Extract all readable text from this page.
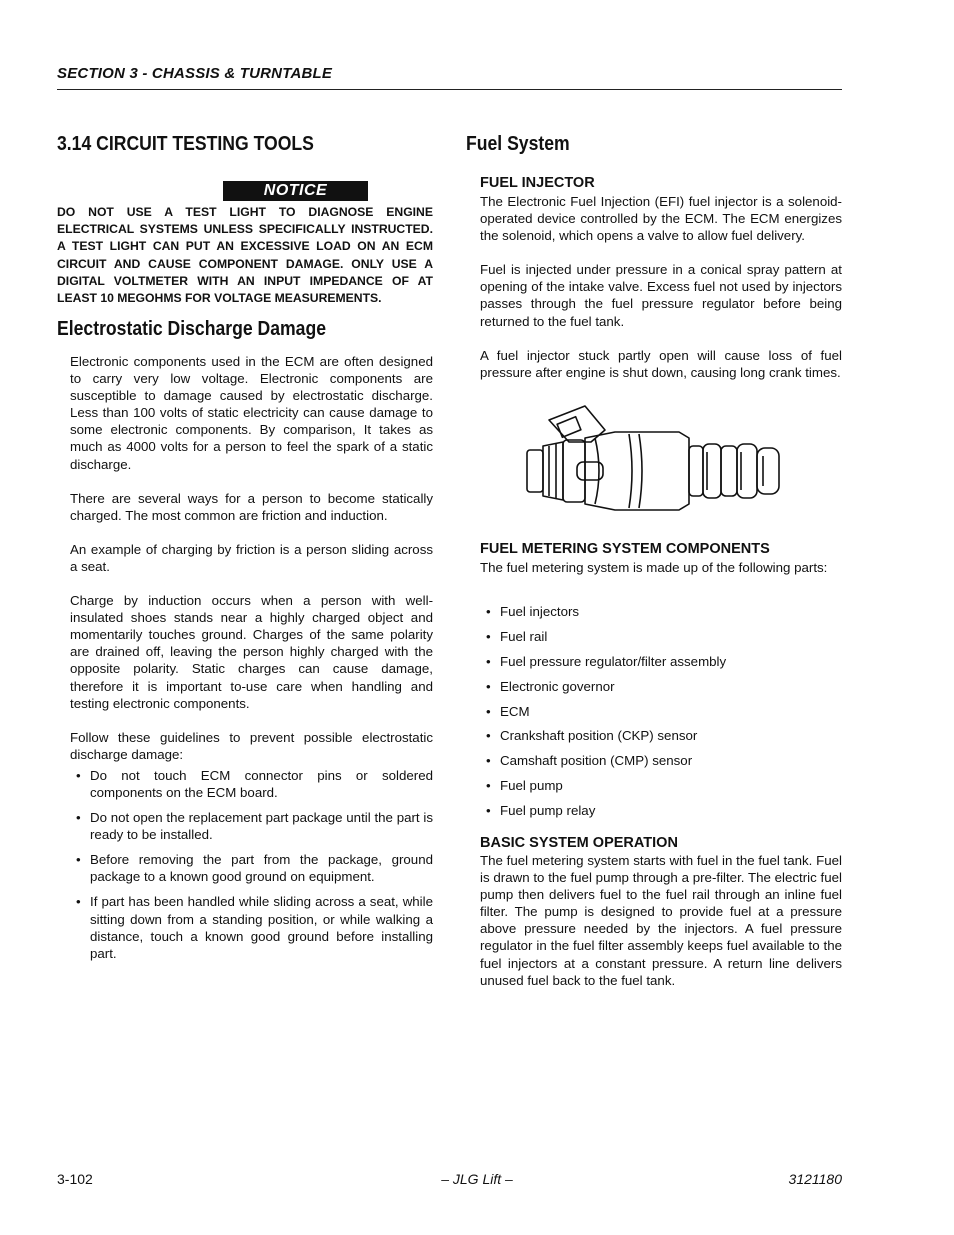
SECTION 3 - CHASSIS & TURNTABLE
3.14 CIRCUIT TESTING TOOLS
NOTICE
DO NOT USE A TEST LIGHT TO DIAGNOSE ENGINE ELECTRICAL SYSTEMS UNLESS SPECIFICALLY INSTRUCTED. A TEST LIGHT CAN PUT AN EXCESSIVE LOAD ON AN ECM CIRCUIT AND CAUSE COMPONENT DAMAGE. ONLY USE A DIGITAL VOLTMETER WITH AN INPUT IMPEDANCE OF AT LEAST 10 MEGOHMS FOR VOLTAGE MEASUREMENTS.
Electrostatic Discharge Damage

Electronic components used in the ECM are often designed to carry very low voltage. Electronic components are susceptible to damage caused by electrostatic discharge. Less than 100 volts of static electricity can cause damage to some electronic components. By comparison, It takes as much as 4000 volts for a person to feel the spark of a static discharge.

There are several ways for a person to become statically charged. The most common are friction and induction.

An example of charging by friction is a person sliding across a seat.

Charge by induction occurs when a person with well-insulated shoes stands near a highly charged object and momentarily touches ground. Charges of the same polarity are drained off, leaving the person highly charged with the opposite polarity. Static charges can cause damage, therefore it is important to-use care when handling and testing electronic components.

Follow these guidelines to prevent possible electrostatic discharge damage:

• Do not touch ECM connector pins or soldered components on the ECM board.
• Do not open the replacement part package until the part is ready to be installed.
• Before removing the part from the package, ground package to a known good ground on equipment.
• If part has been handled while sliding across a seat, while sitting down from a standing position, or while walking a distance, touch a known good ground before installing part.
Fuel System
FUEL INJECTOR

The Electronic Fuel Injection (EFI) fuel injector is a solenoid-operated device controlled by the ECM. The ECM energizes the solenoid, which opens a valve to allow fuel delivery.

Fuel is injected under pressure in a conical spray pattern at opening of the intake valve. Excess fuel not used by injectors passes through the fuel pressure regulator before being returned to the fuel tank.

A fuel injector stuck partly open will cause loss of fuel pressure after engine is shut down, causing long crank times.

FUEL METERING SYSTEM COMPONENTS
The fuel metering system is made up of the following parts:
• Fuel injectors
• Fuel rail
• Fuel pressure regulator/filter assembly
• Electronic governor
• ECM
• Crankshaft position (CKP) sensor
• Camshaft position (CMP) sensor
• Fuel pump
• Fuel pump relay
BASIC SYSTEM OPERATION
The fuel metering system starts with fuel in the fuel tank. Fuel is drawn to the fuel pump through a pre-filter. The electric fuel pump then delivers fuel to the fuel rail through an inline fuel filter. The pump is designed to provide fuel at a pressure above pressure needed by the injectors. A fuel pressure regulator in the fuel filter assembly keeps fuel available to the fuel injectors at a constant pressure. A return line delivers unused fuel back to the fuel tank.
3-102	– JLG Lift –	3121180
